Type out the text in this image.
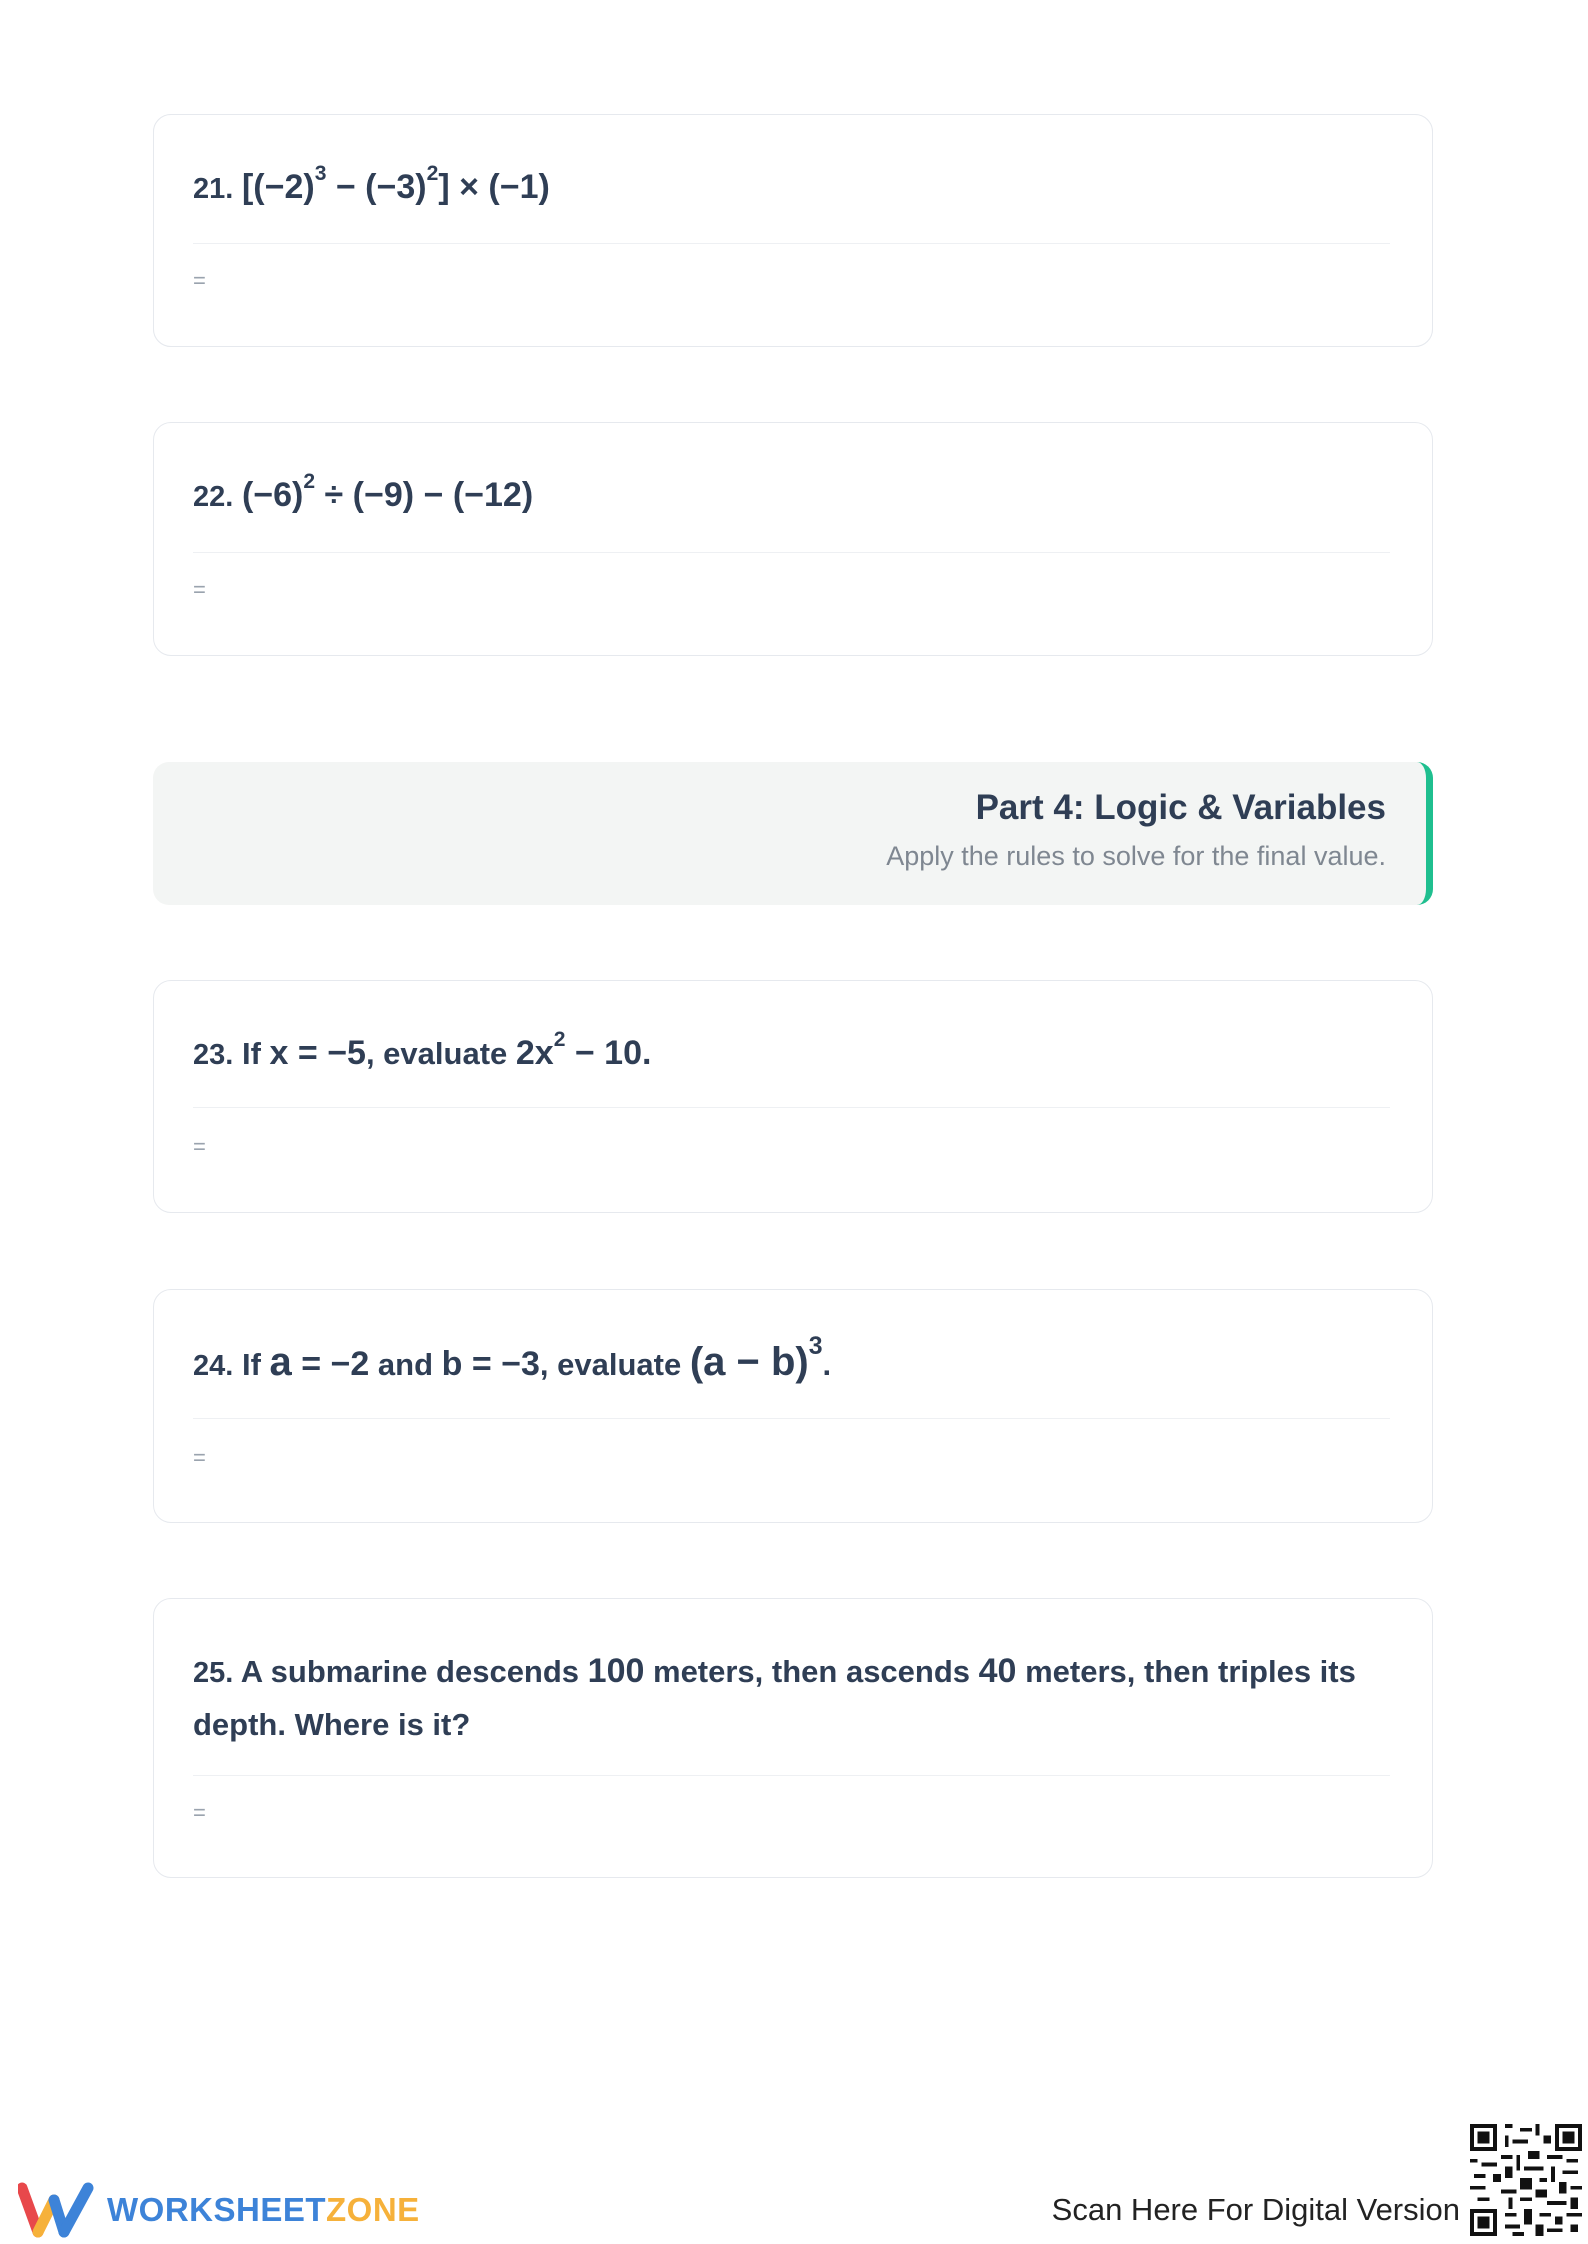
21. $[(-2)^3 - (-3)^2] \times (-1)$
=
22. $(-6)^2 \div (-9) - (-12)$
=
Part 4: Logic & Variables
Apply the rules to solve for the final value.
23. If x = −5, evaluate $2x^2 - 10$.
=
24. If a = −2 and b = −3, evaluate $(a - b)^3$.
=
25. A submarine descends 100 meters, then ascends 40 meters, then triples its depth. Where is it?
=
WORKSHEETZONE	Scan Here For Digital Version
